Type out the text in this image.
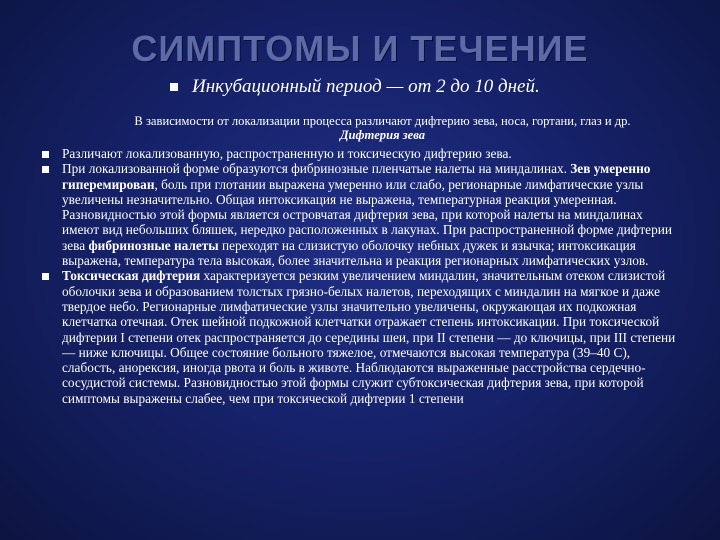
СИМПТОМЫ И ТЕЧЕНИЕ
Инкубационный период — от 2 до 10 дней.
В зависимости от локализации процесса различают дифтерию зева, носа, гортани, глаз и др.
Дифтерия зева
Различают локализованную, распространенную и токсическую дифтерию зева.
При локализованной форме образуются фибринозные пленчатые налеты на миндалинах. Зев умеренно гиперемирован, боль при глотании выражена умеренно или слабо, регионарные лимфатические узлы увеличены незначительно. Общая интоксикация не выражена, температурная реакция умеренная. Разновидностью этой формы является островчатая дифтерия зева, при которой налеты на миндалинах имеют вид небольших бляшек, нередко расположенных в лакунах. При распространенной форме дифтерии зева фибринозные налеты переходят на слизистую оболочку небных дужек и язычка; интоксикация выражена, температура тела высокая, более значительна и реакция регионарных лимфатических узлов.
Токсическая дифтерия характеризуется резким увеличением миндалин, значительным отеком слизистой оболочки зева и образованием толстых грязно-белых налетов, переходящих с миндалин на мягкое и даже твердое небо. Регионарные лимфатические узлы значительно увеличены, окружающая их подкожная клетчатка отечная. Отек шейной подкожной клетчатки отражает степень интоксикации. При токсической дифтерии I степени отек распространяется до середины шеи, при II степени — до ключицы, при III степени — ниже ключицы. Общее состояние больного тяжелое, отмечаются высокая температура (39–40 С), слабость, анорексия, иногда рвота и боль в животе. Наблюдаются выраженные расстройства сердечно-сосудистой системы. Разновидностью этой формы служит субтоксическая дифтерия зева, при которой симптомы выражены слабее, чем при токсической дифтерии 1 степени
